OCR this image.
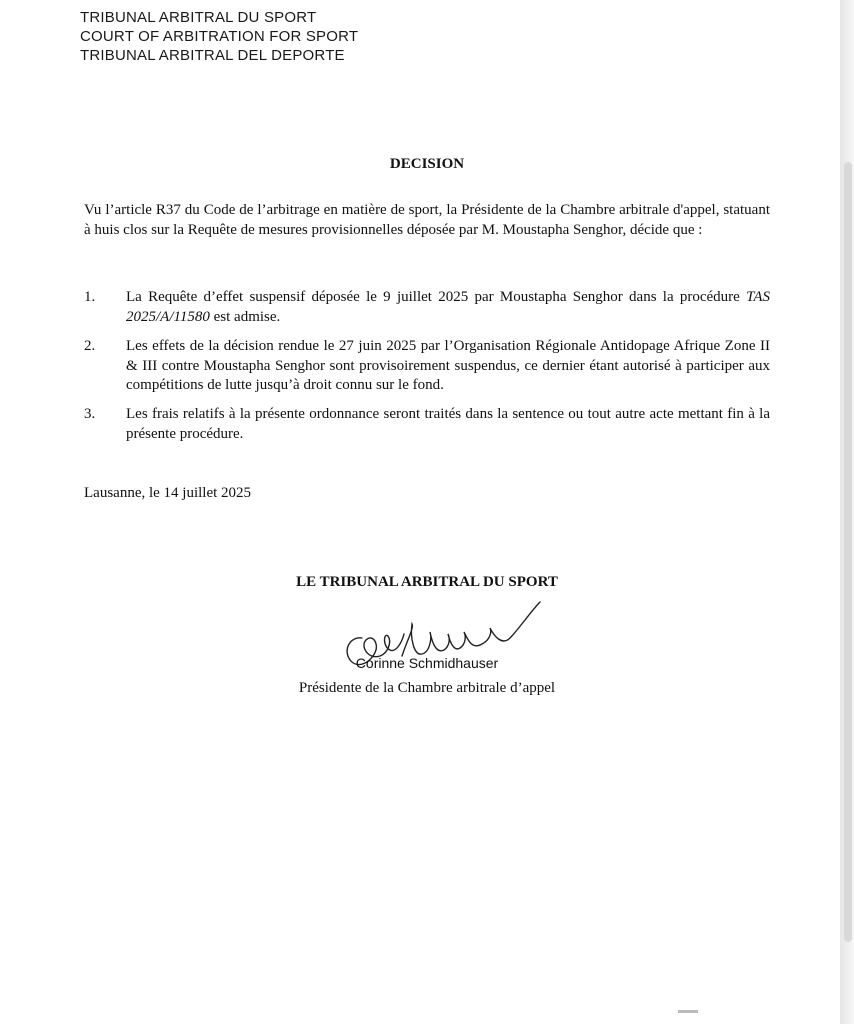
TRIBUNAL ARBITRAL DU SPORT
COURT OF ARBITRATION FOR SPORT
TRIBUNAL ARBITRAL DEL DEPORTE
DECISION
Vu l’article R37 du Code de l’arbitrage en matière de sport, la Présidente de la Chambre arbitrale d'appel, statuant à huis clos sur la Requête de mesures provisionnelles déposée par M. Moustapha Senghor, décide que :
1. La Requête d’effet suspensif déposée le 9 juillet 2025 par Moustapha Senghor dans la procédure TAS 2025/A/11580 est admise.
2. Les effets de la décision rendue le 27 juin 2025 par l’Organisation Régionale Antidopage Afrique Zone II & III contre Moustapha Senghor sont provisoirement suspendus, ce dernier étant autorisé à participer aux compétitions de lutte jusqu’à droit connu sur le fond.
3. Les frais relatifs à la présente ordonnance seront traités dans la sentence ou tout autre acte mettant fin à la présente procédure.
Lausanne, le 14 juillet 2025
LE TRIBUNAL ARBITRAL DU SPORT
Corinne Schmidhauser
Présidente de la Chambre arbitrale d’appel
